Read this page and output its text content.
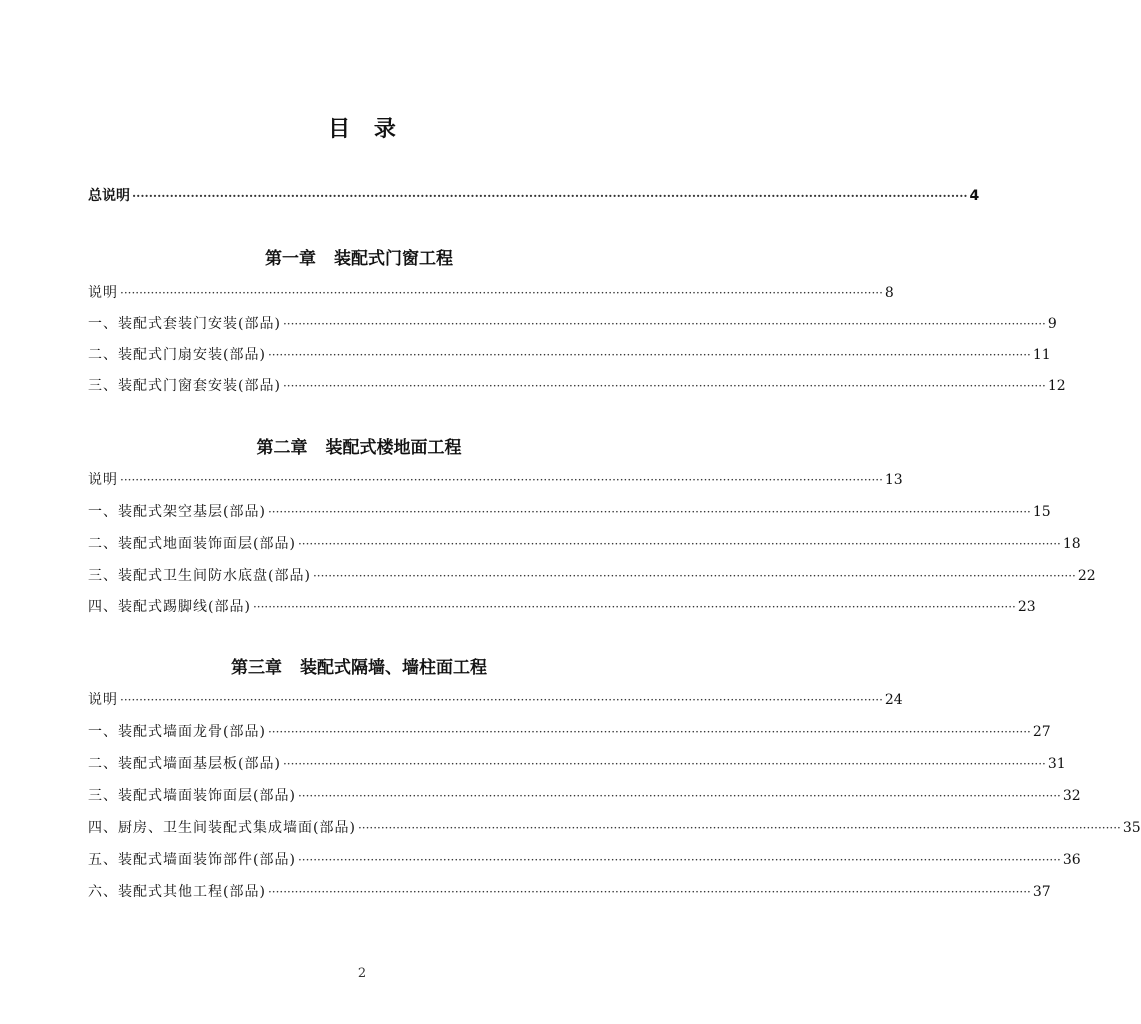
目 录
总说明 ········································································································································································································ 4
说明 ········································································································································································································ 8
一、装配式套装门安装(部品) ········································································································································································································ 9
二、装配式门扇安装(部品) ········································································································································································································ 11
三、装配式门窗套安装(部品) ········································································································································································································ 12
说明 ········································································································································································································ 13
一、装配式架空基层(部品) ········································································································································································································ 15
二、装配式地面装饰面层(部品) ········································································································································································································ 18
三、装配式卫生间防水底盘(部品) ········································································································································································································ 22
四、装配式踢脚线(部品) ········································································································································································································ 23
说明 ········································································································································································································ 24
一、装配式墙面龙骨(部品) ········································································································································································································ 27
二、装配式墙面基层板(部品) ········································································································································································································ 31
三、装配式墙面装饰面层(部品) ········································································································································································································ 32
四、厨房、卫生间装配式集成墙面(部品) ········································································································································································································ 35
五、装配式墙面装饰部件(部品) ········································································································································································································ 36
六、装配式其他工程(部品) ········································································································································································································ 37
第一章 装配式门窗工程
第二章 装配式楼地面工程
第三章 装配式隔墙、墙柱面工程
2
